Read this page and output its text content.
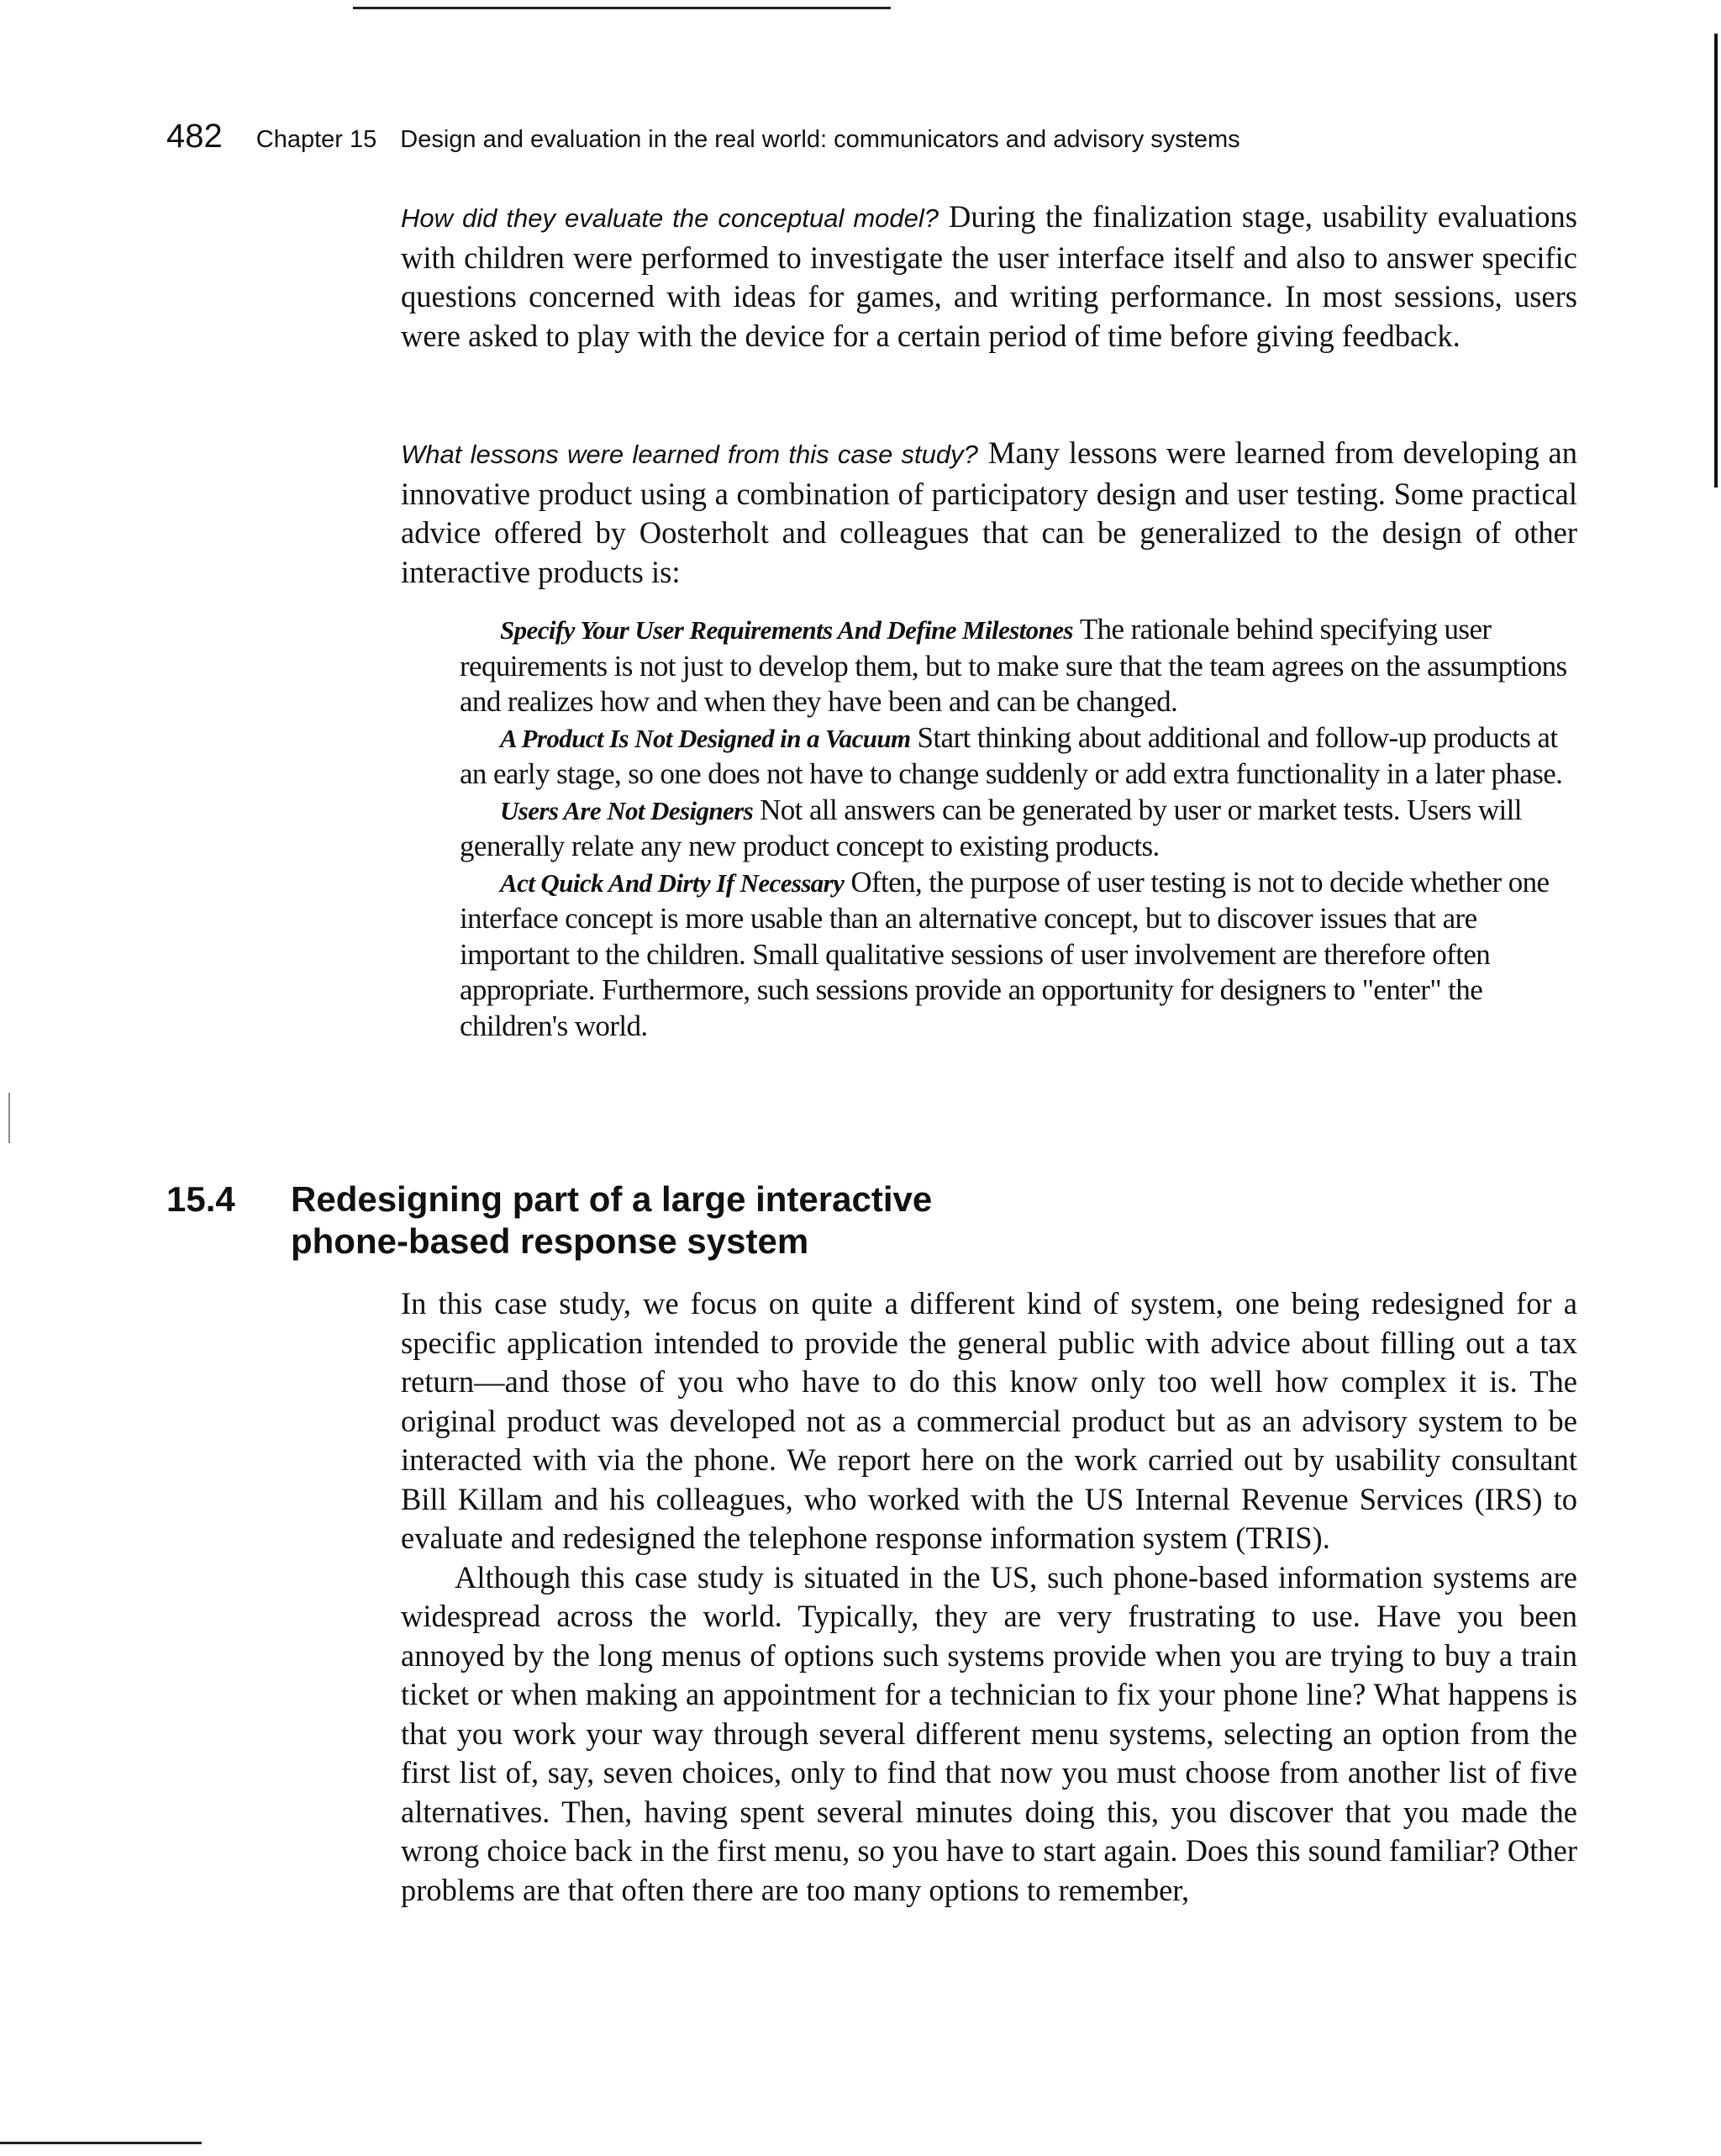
482 Chapter 15 Design and evaluation in the real world: communicators and advisory systems
How did they evaluate the conceptual model? During the finalization stage, usability evaluations with children were performed to investigate the user interface itself and also to answer specific questions concerned with ideas for games, and writing performance. In most sessions, users were asked to play with the device for a certain period of time before giving feedback.
What lessons were learned from this case study? Many lessons were learned from developing an innovative product using a combination of participatory design and user testing. Some practical advice offered by Oosterholt and colleagues that can be generalized to the design of other interactive products is:

Specify Your User Requirements And Define Milestones The rationale behind specifying user requirements is not just to develop them, but to make sure that the team agrees on the assumptions and realizes how and when they have been and can be changed.

A Product Is Not Designed in a Vacuum Start thinking about additional and follow-up products at an early stage, so one does not have to change suddenly or add extra functionality in a later phase.

Users Are Not Designers Not all answers can be generated by user or market tests. Users will generally relate any new product concept to existing products.

Act Quick And Dirty If Necessary Often, the purpose of user testing is not to decide whether one interface concept is more usable than an alternative concept, but to discover issues that are important to the children. Small qualitative sessions of user involvement are therefore often appropriate. Furthermore, such sessions provide an opportunity for designers to "enter" the children's world.

15.4	Redesigning part of a large interactive
phone-based response system

In this case study, we focus on quite a different kind of system, one being redesigned for a specific application intended to provide the general public with advice about filling out a tax return—and those of you who have to do this know only too well how complex it is. The original product was developed not as a commercial product but as an advisory system to be interacted with via the phone. We report here on the work carried out by usability consultant Bill Killam and his colleagues, who worked with the US Internal Revenue Services (IRS) to evaluate and redesigned the telephone response information system (TRIS).

Although this case study is situated in the US, such phone-based information systems are widespread across the world. Typically, they are very frustrating to use. Have you been annoyed by the long menus of options such systems provide when you are trying to buy a train ticket or when making an appointment for a technician to fix your phone line? What happens is that you work your way through several different menu systems, selecting an option from the first list of, say, seven choices, only to find that now you must choose from another list of five alternatives. Then, having spent several minutes doing this, you discover that you made the wrong choice back in the first menu, so you have to start again. Does this sound familiar? Other problems are that often there are too many options to remember,
